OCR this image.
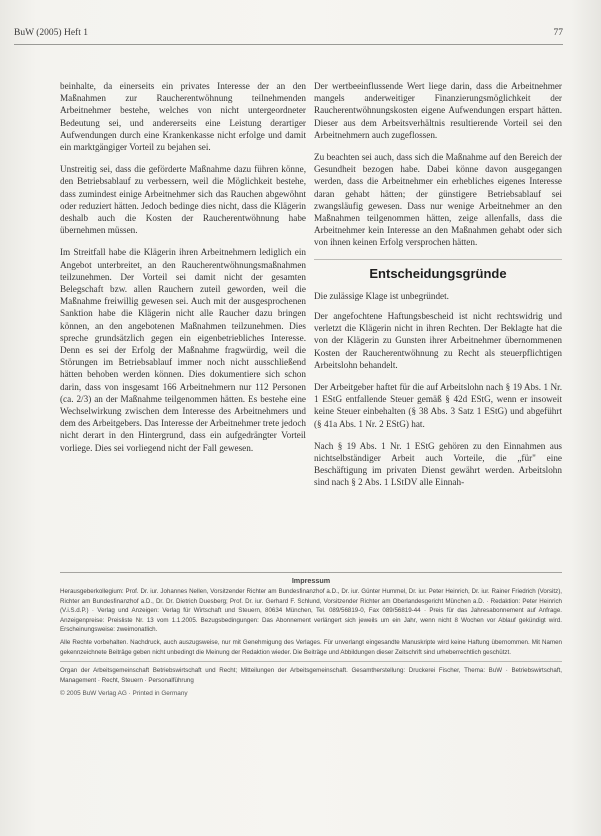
BuW (2005) Heft 1	77

beinhalte, da einerseits ein privates Interesse der an den Maßnahmen zur Raucherentwöhnung teilnehmenden Arbeitnehmer bestehe, welches von nicht untergeordneter Bedeutung sei, und andererseits eine Leistung derartiger Aufwendungen durch eine Krankenkasse nicht erfolge und damit ein marktgängiger Vorteil zu bejahen sei.

Unstreitig sei, dass die geförderte Maßnahme dazu führen könne, den Betriebsablauf zu verbessern, weil die Möglichkeit bestehe, dass zumindest einige Arbeitnehmer sich das Rauchen abgewöhnt oder reduziert hätten. Jedoch bedinge dies nicht, dass die Klägerin deshalb auch die Kosten der Raucherentwöhnung habe übernehmen müssen.

Im Streitfall habe die Klägerin ihren Arbeitnehmern lediglich ein Angebot unterbreitet, an den Raucherentwöhnungsmaßnahmen teilzunehmen. Der Vorteil sei damit nicht der gesamten Belegschaft bzw. allen Rauchern zuteil geworden, weil die Maßnahme freiwillig gewesen sei. Auch mit der ausgesprochenen Sanktion habe die Klägerin nicht alle Raucher dazu bringen können, an den angebotenen Maßnahmen teilzunehmen. Dies spreche grundsätzlich gegen ein eigenbetriebliches Interesse. Denn es sei der Erfolg der Maßnahme fragwürdig, weil die Störungen im Betriebsablauf immer noch nicht ausschließend hätten behoben werden können. Dies dokumentiere sich schon darin, dass von insgesamt 166 Arbeitnehmern nur 112 Personen (ca. 2/3) an der Maßnahme teilgenommen hätten. Es bestehe eine Wechselwirkung zwischen dem Interesse des Arbeitnehmers und dem des Arbeitgebers. Das Interesse der Arbeitnehmer trete jedoch nicht derart in den Hintergrund, dass ein aufgedrängter Vorteil vorliege. Dies sei vorliegend nicht der Fall gewesen.

Der wertbeeinflussende Wert liege darin, dass die Arbeitnehmer mangels anderweitiger Finanzierungsmöglichkeit der Raucherentwöhnungskosten eigene Aufwendungen erspart hätten. Dieser aus dem Arbeitsverhältnis resultierende Vorteil sei den Arbeitnehmern auch zugeflossen.

Zu beachten sei auch, dass sich die Maßnahme auf den Bereich der Gesundheit bezogen habe. Dabei könne davon ausgegangen werden, dass die Arbeitnehmer ein erhebliches eigenes Interesse daran gehabt hätten; der günstigere Betriebsablauf sei zwangsläufig gewesen. Dass nur wenige Arbeitnehmer an den Maßnahmen teilgenommen hätten, zeige allenfalls, dass die Arbeitnehmer kein Interesse an den Maßnahmen gehabt oder sich von ihnen keinen Erfolg versprochen hätten.

Entscheidungsgründe

Die zulässige Klage ist unbegründet.

Der angefochtene Haftungsbescheid ist nicht rechtswidrig und verletzt die Klägerin nicht in ihren Rechten. Der Beklagte hat die von der Klägerin zu Gunsten ihrer Arbeitnehmer übernommenen Kosten der Raucherentwöhnung zu Recht als steuerpflichtigen Arbeitslohn behandelt.

Der Arbeitgeber haftet für die auf Arbeitslohn nach § 19 Abs. 1 Nr. 1 EStG entfallende Steuer gemäß § 42d EStG, wenn er insoweit keine Steuer einbehalten (§ 38 Abs. 3 Satz 1 EStG) und abgeführt (§ 41a Abs. 1 Nr. 2 EStG) hat.

Nach § 19 Abs. 1 Nr. 1 EStG gehören zu den Einnahmen aus nichtselbständiger Arbeit auch Vorteile, die „für" eine Beschäftigung im privaten Dienst gewährt werden. Arbeitslohn sind nach § 2 Abs. 1 LStDV alle Einnah-

Impressum

Herausgeberkollegium: Prof. Dr. iur. Johannes Nellen, Vorsitzender Richter am Bundesfinanzhof a.D., Dr. iur. Günter Hummel, Dr. iur. Peter Heinrich, Dr. iur. Rainer Friedrich (Vorsitz), Richter am Bundesfinanzhof a.D., Dr. Dr. Dietrich Duesberg; Prof. Dr. iur. Gerhard F. Schlund, Vorsitzender Richter am Oberlandesgericht München a.D. · Redaktion: Peter Heinrich (V.i.S.d.P.) · Verlag und Anzeigen: Verlag für Wirtschaft und Steuern, 80634 München, Tel. 089/56819-0, Fax 089/56819-44 · Preis für das Jahresabonnement auf Anfrage. Anzeigenpreise: Preisliste Nr. 13 vom 1.1.2005. Bezugsbedingungen: Das Abonnement verlängert sich jeweils um ein Jahr, wenn nicht 8 Wochen vor Ablauf gekündigt wird. Erscheinungsweise: zweimonatlich.

Alle Rechte vorbehalten. Nachdruck, auch auszugsweise, nur mit Genehmigung des Verlages. Für unverlangt eingesandte Manuskripte wird keine Haftung übernommen. Mit Namen gekennzeichnete Beiträge geben nicht unbedingt die Meinung der Redaktion wieder. Die Beiträge und Abbildungen dieser Zeitschrift sind urheberrechtlich geschützt.

Organ der Arbeitsgemeinschaft Betriebswirtschaft und Recht; Mitteilungen der Arbeitsgemeinschaft. Gesamtherstellung: Druckerei Fischer, Thema: BuW · Betriebswirtschaft, Management · Recht, Steuern · Personalführung

© 2005 BuW Verlag AG · Printed in Germany
